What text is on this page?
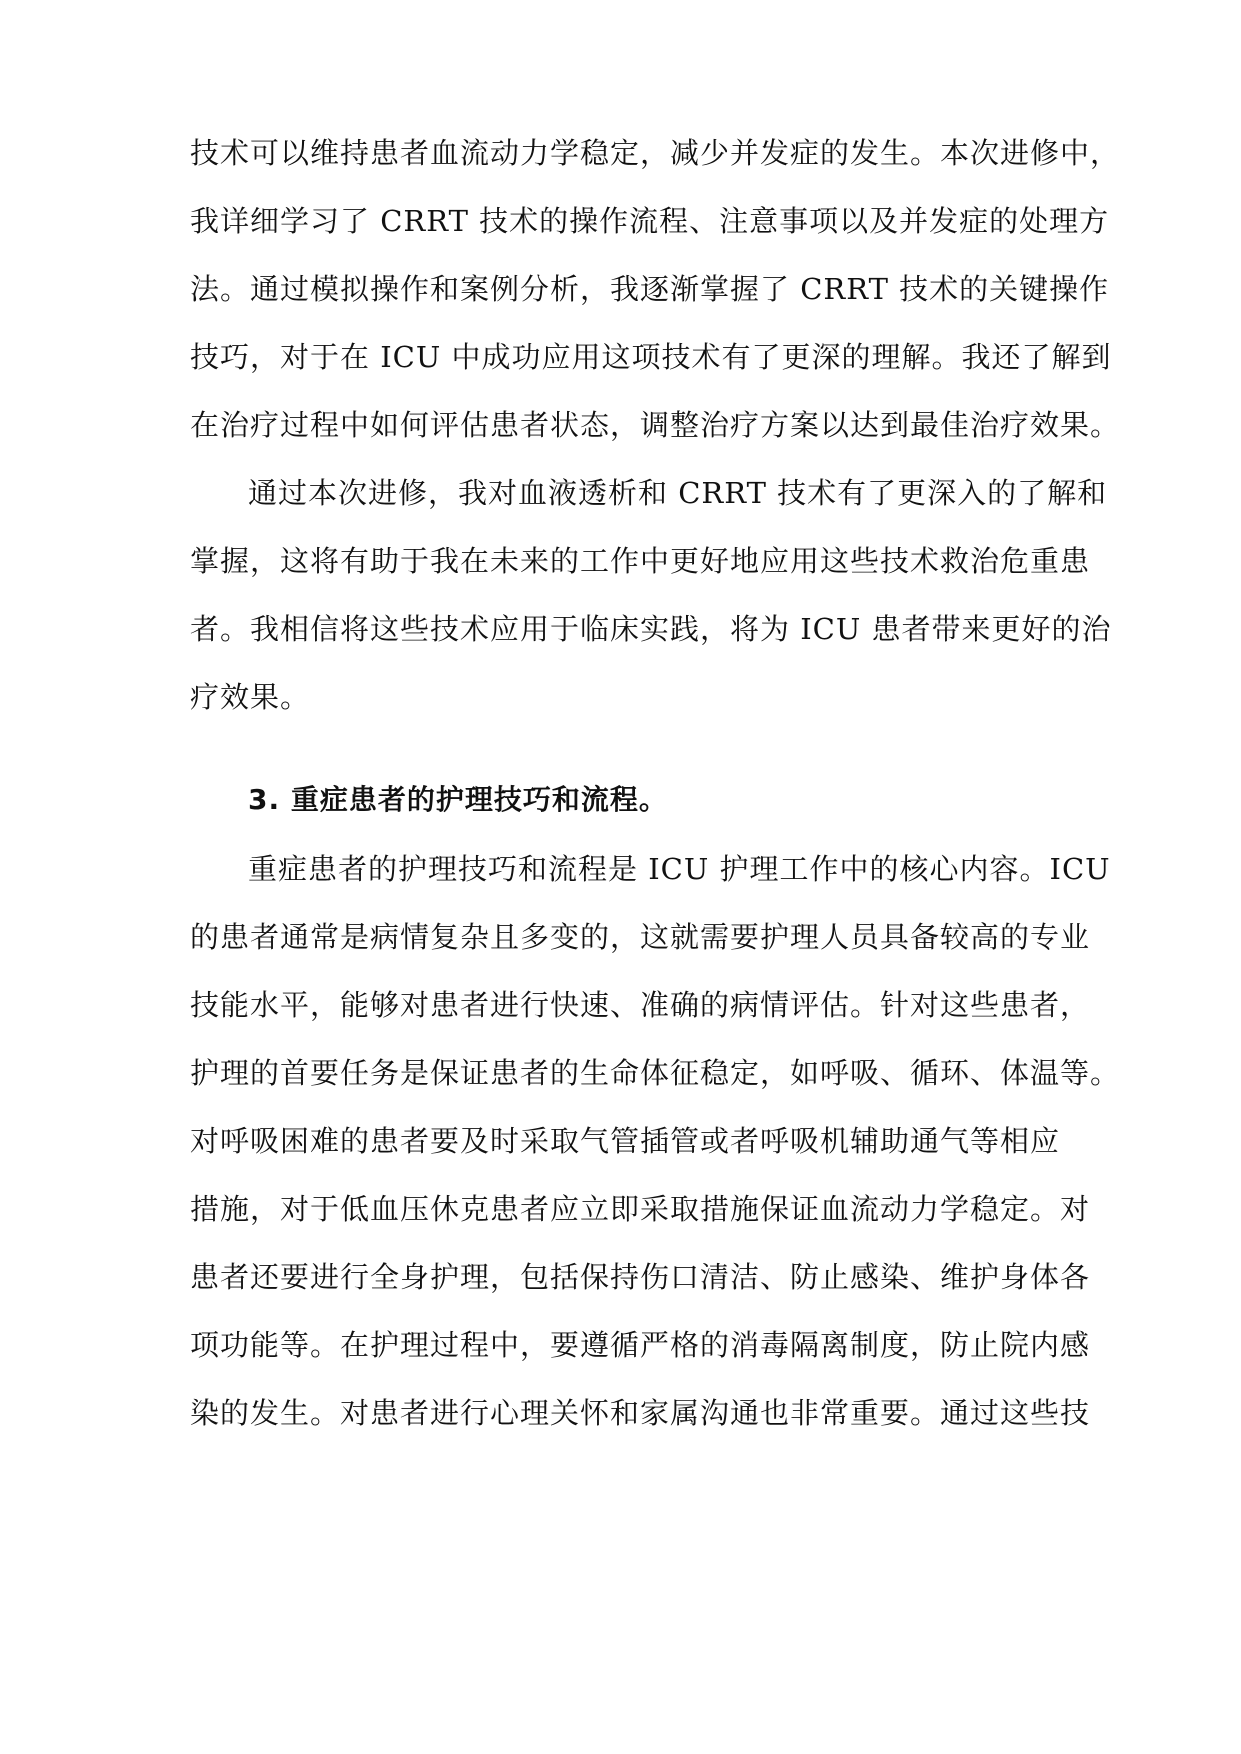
技术可以维持患者血流动力学稳定，减少并发症的发生。本次进修中，
我详细学习了 CRRT 技术的操作流程、注意事项以及并发症的处理方
法。通过模拟操作和案例分析，我逐渐掌握了 CRRT 技术的关键操作
技巧，对于在 ICU 中成功应用这项技术有了更深的理解。我还了解到
在治疗过程中如何评估患者状态，调整治疗方案以达到最佳治疗效果。
通过本次进修，我对血液透析和 CRRT 技术有了更深入的了解和
掌握，这将有助于我在未来的工作中更好地应用这些技术救治危重患
者。我相信将这些技术应用于临床实践，将为 ICU 患者带来更好的治
疗效果。
3. 重症患者的护理技巧和流程。
重症患者的护理技巧和流程是 ICU 护理工作中的核心内容。ICU
的患者通常是病情复杂且多变的，这就需要护理人员具备较高的专业
技能水平，能够对患者进行快速、准确的病情评估。针对这些患者，
护理的首要任务是保证患者的生命体征稳定，如呼吸、循环、体温等。
对呼吸困难的患者要及时采取气管插管或者呼吸机辅助通气等相应
措施，对于低血压休克患者应立即采取措施保证血流动力学稳定。对
患者还要进行全身护理，包括保持伤口清洁、防止感染、维护身体各
项功能等。在护理过程中，要遵循严格的消毒隔离制度，防止院内感
染的发生。对患者进行心理关怀和家属沟通也非常重要。通过这些技
